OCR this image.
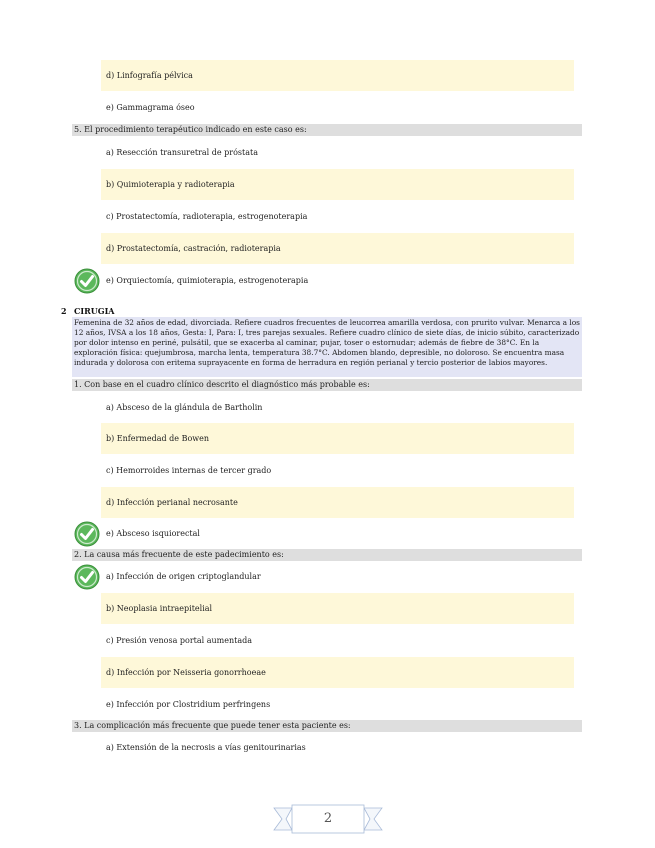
d) Linfografía pélvica
e) Gammagrama óseo
5. El procedimiento terapéutico indicado en este caso es:
a) Resección transuretral de próstata
b) Quimioterapia y radioterapia
c) Prostatectomía, radioterapia, estrogenoterapia
d) Prostatectomía, castración, radioterapia
e) Orquiectomía, quimioterapia, estrogenoterapia
2 CIRUGIA
Femenina de 32 años de edad, divorciada. Refiere cuadros frecuentes de leucorrea amarilla verdosa, con prurito vulvar. Menarca a los 12 años, IVSA a los 18 años, Gesta: I, Para: I, tres parejas sexuales. Refiere cuadro clínico de siete días, de inicio súbito, caracterizado por dolor intenso en periné, pulsátil, que se exacerba al caminar, pujar, toser o estornudar; además de fiebre de 38°C. En la exploración física: quejumbrosa, marcha lenta, temperatura 38.7°C. Abdomen blando, depresible, no doloroso. Se encuentra masa indurada y dolorosa con eritema suprayacente en forma de herradura en región perianal y tercio posterior de labios mayores.
1. Con base en el cuadro clínico descrito el diagnóstico más probable es:
a) Absceso de la glándula de Bartholin
b) Enfermedad de Bowen
c) Hemorroides internas de tercer grado
d) Infección perianal necrosante
e) Absceso isquiorectal
2. La causa más frecuente de este padecimiento es:
a) Infección de origen criptoglandular
b) Neoplasia intraepitelial
c) Presión venosa portal aumentada
d) Infección por Neisseria gonorrhoeae
e) Infección por Clostridium perfringens
3. La complicación más frecuente que puede tener esta paciente es:
a) Extensión de la necrosis a vías genitourinarias
2
